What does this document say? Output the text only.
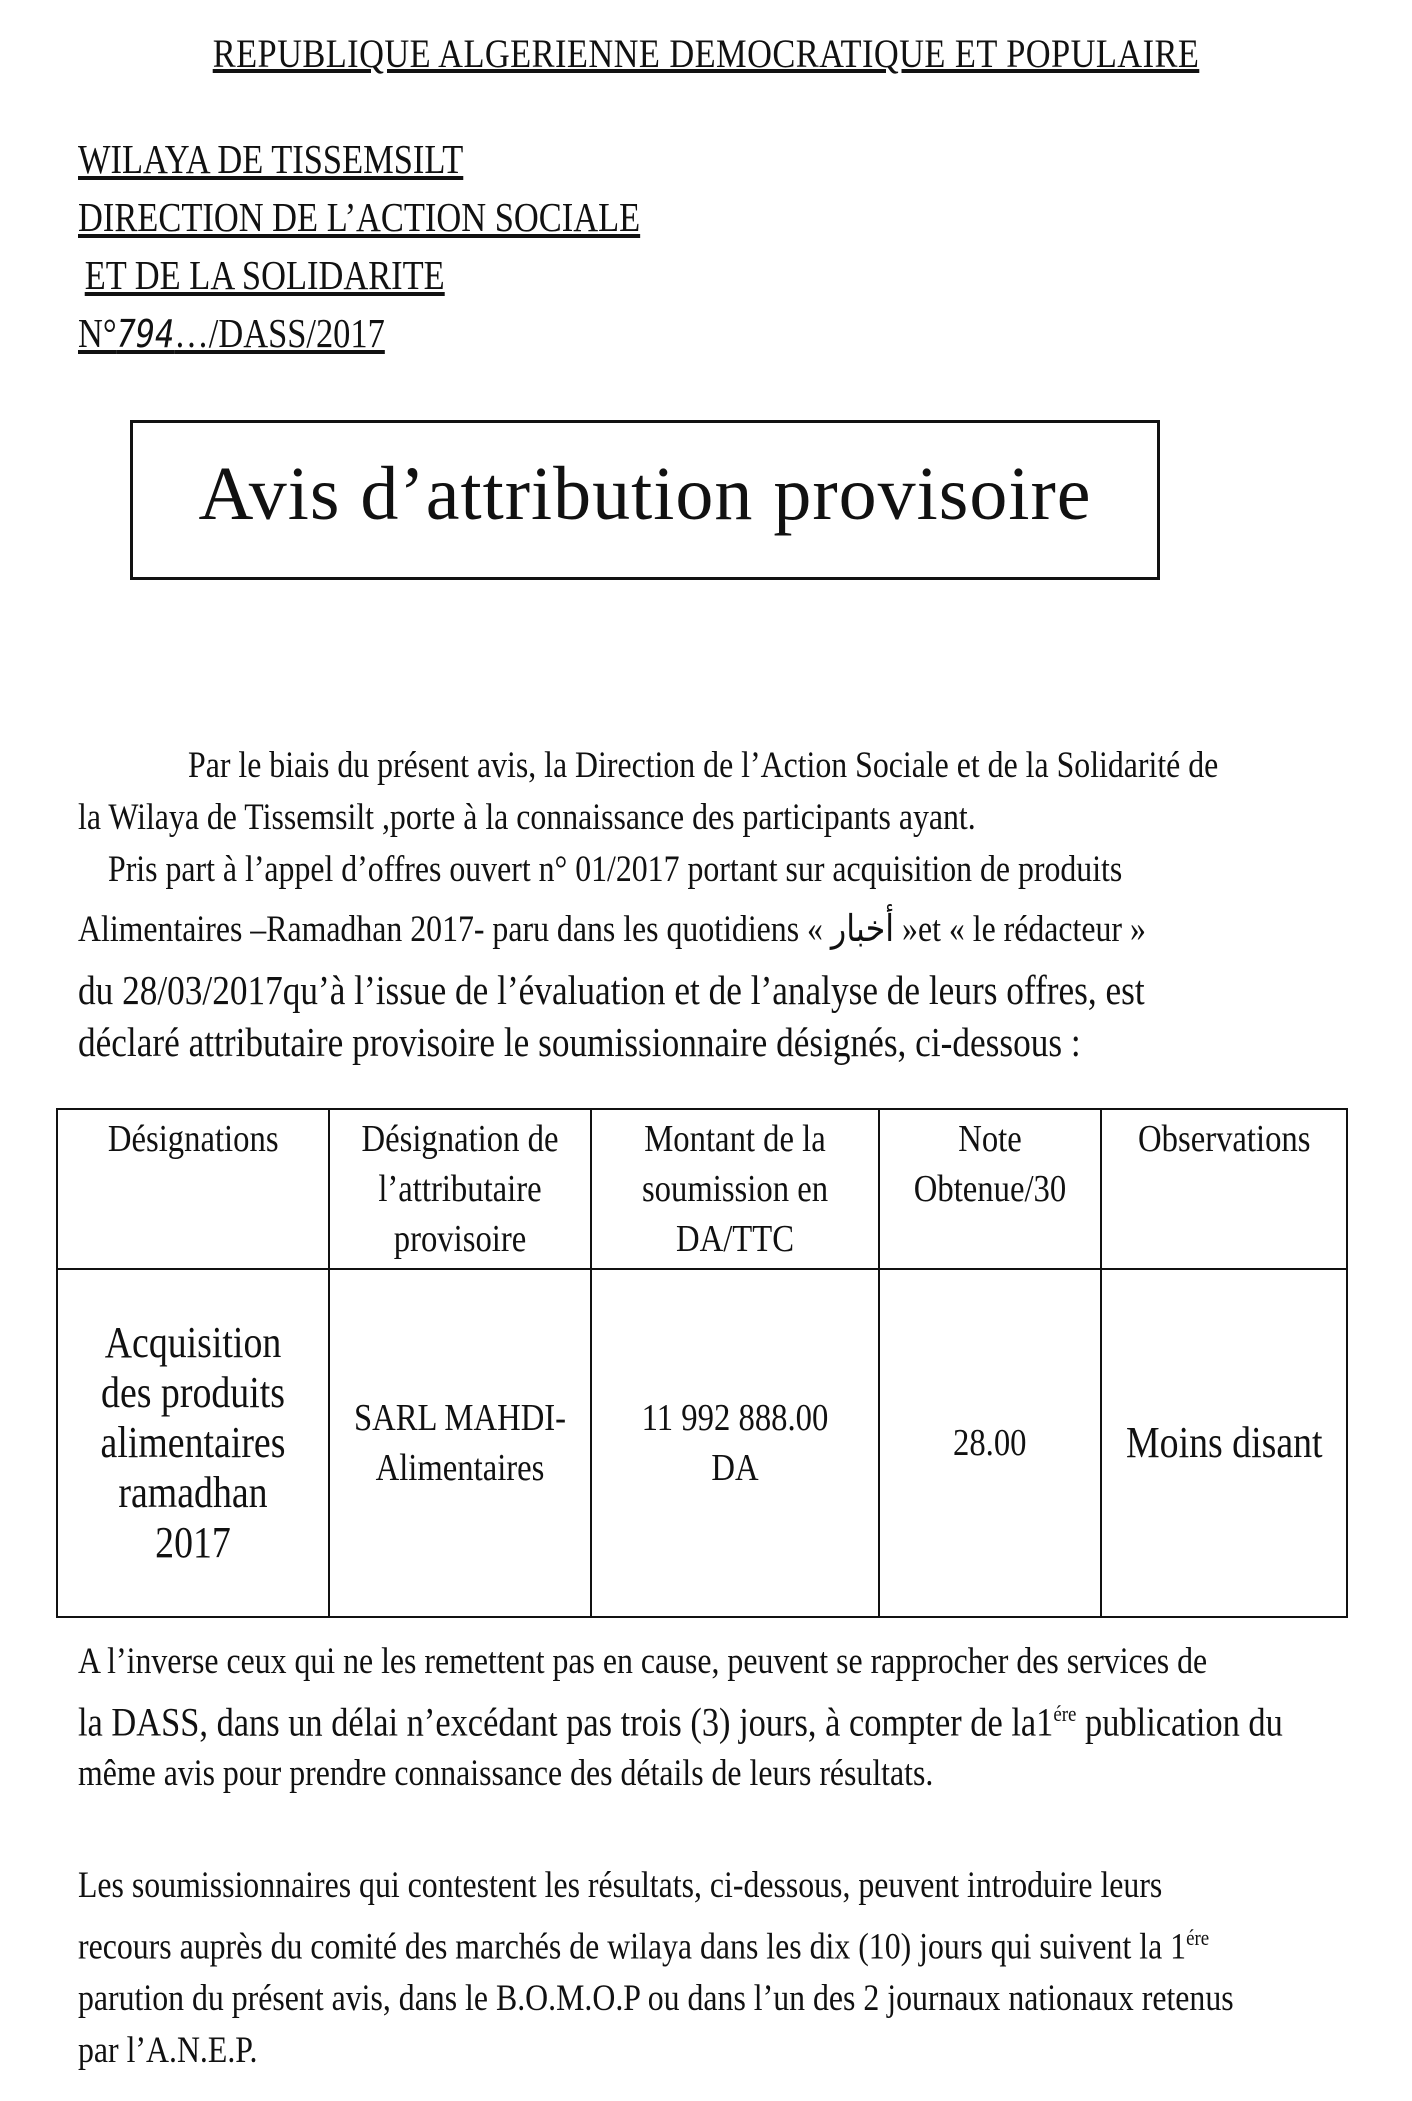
REPUBLIQUE ALGERIENNE DEMOCRATIQUE ET POPULAIRE
WILAYA DE TISSEMSILT
DIRECTION DE L’ACTION SOCIALE
ET DE LA SOLIDARITE
N°794…/DASS/2017
Avis d’attribution provisoire
Par le biais du présent avis, la Direction de l’Action Sociale et de la Solidarité de
la Wilaya de Tissemsilt ,porte à la connaissance des participants ayant.
Pris part à l’appel d’offres ouvert n° 01/2017 portant sur acquisition de produits
Alimentaires –Ramadhan 2017- paru dans les quotidiens « أخبار »et « le rédacteur »
du 28/03/2017qu’à l’issue de l’évaluation et de l’analyse de leurs offres, est
déclaré attributaire provisoire le soumissionnaire désignés, ci-dessous :
Désignations	Désignation de l’attributaire provisoire	Montant de la soumission en DA/TTC	Note Obtenue/30	Observations
Acquisition des produits alimentaires ramadhan 2017	SARL MAHDI- Alimentaires	11 992 888.00 DA	28.00	Moins disant
A l’inverse ceux qui ne les remettent pas en cause, peuvent se rapprocher des services de
la DASS, dans un délai n’excédant pas trois (3) jours, à compter de $la1^{ére}$ publication du
même avis pour prendre connaissance des détails de leurs résultats.
Les soumissionnaires qui contestent les résultats, ci-dessous, peuvent introduire leurs
recours auprès du comité des marchés de wilaya dans les dix (10) jours qui suivent la $1^{ére}$
parution du présent avis, dans le B.O.M.O.P ou dans l’un des 2 journaux nationaux retenus
par l’A.N.E.P.
